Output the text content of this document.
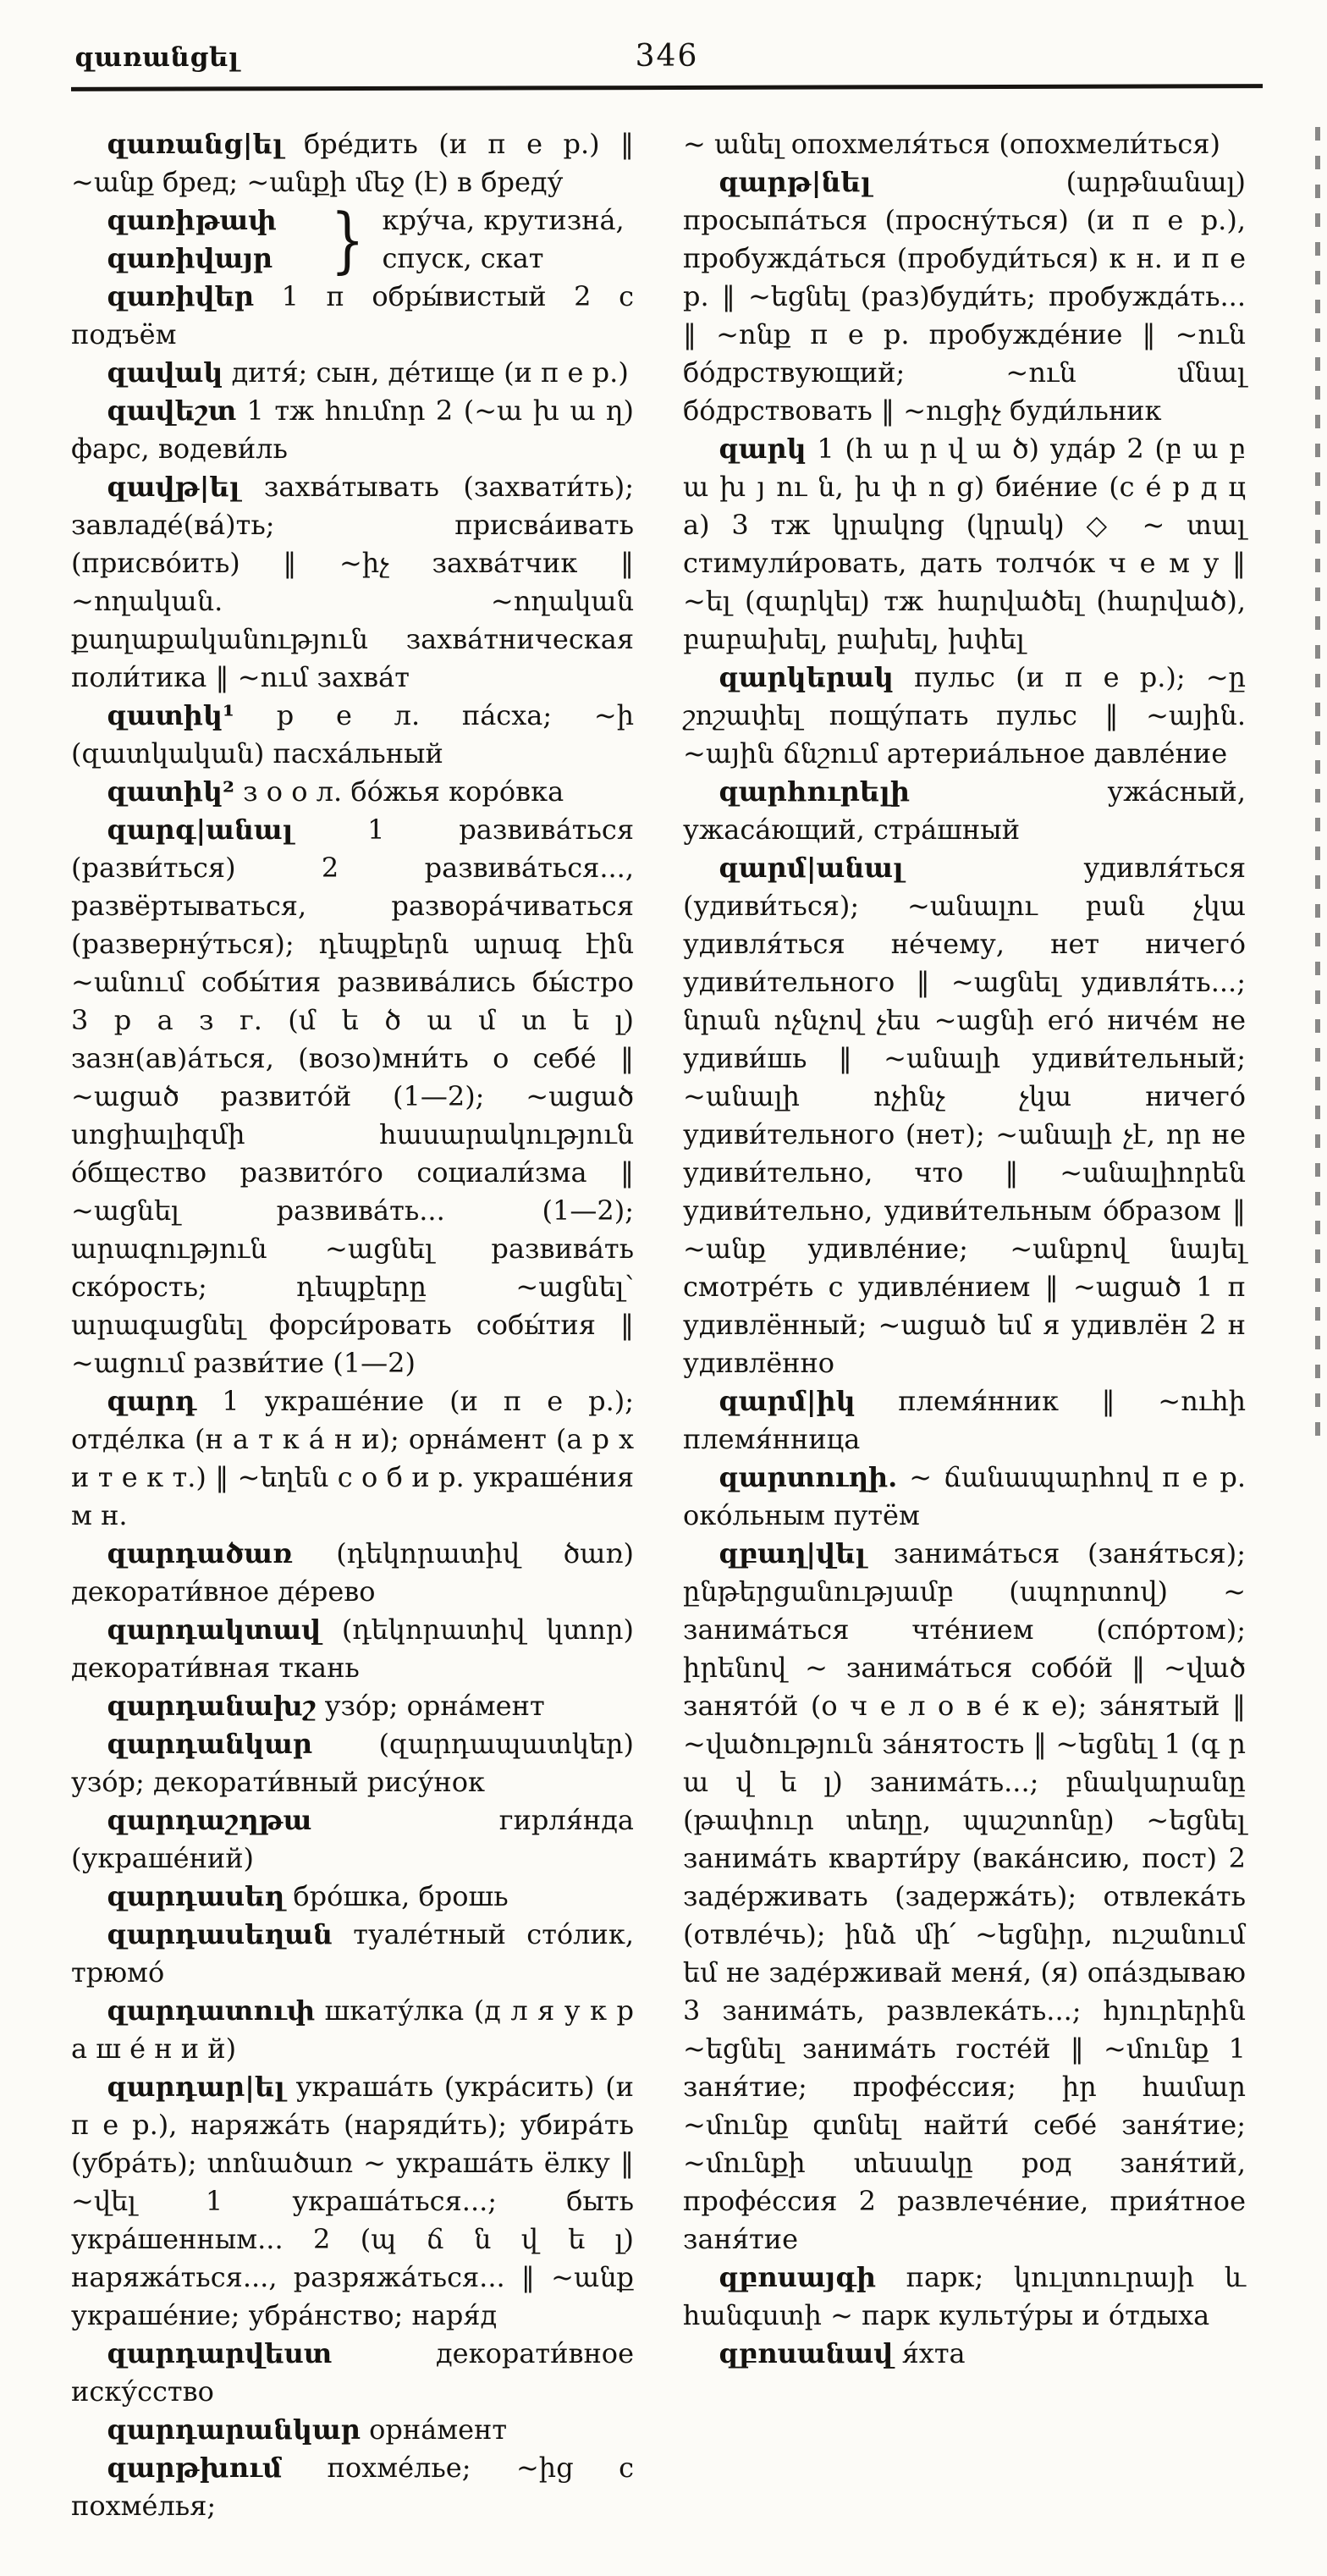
զառանցել	346

զառանց|ել бре́дить (и п е р.) ‖ ~անք бред; ~անքի մեջ (է) в бреду́

զառիթափ
զառիվայր } кру́ча, крутизна́,
спуск, скат

զառիվեր 1 п обры́вистый 2 с подъём

զավակ дитя́; сын, де́тище (и п е р.)

զավեշտ 1 тж հումոր 2 (~ա խ ա ղ) фарс, водеви́ль

զավթ|ել захва́тывать (захвати́ть); завладе́(ва́)ть; присва́ивать (присво́ить) ‖ ~իչ захва́тчик ‖ ~ողական. ~ողական քաղաքականություն захва́тническая поли́тика ‖ ~ում захва́т

զատիկ¹ р е л. па́сха; ~ի (զատկական) пасха́льный

զատիկ² з о о л. бо́жья коро́вка

զարգ|անալ 1 развива́ться (разви́ться) 2 развива́ться..., развёртываться, развора́чиваться (разверну́ться); դեպքերն արագ էին ~անում собы́тия развива́лись бы́стро 3 р а з г. (մ ե ծ ա մ տ ե լ) зазн(ав)а́ться, (возо)мни́ть о себе́ ‖ ~ացած развито́й (1—2); ~ացած սոցիալիզմի հասարակություն о́бщество развито́го социали́зма ‖ ~ացնել развива́ть... (1—2); արագություն ~ացնել развива́ть ско́рость; դեպքերը ~ացնել՝ արագացնել форси́ровать собы́тия ‖ ~ացում разви́тие (1—2)

զարդ 1 украше́ние (и п е р.); отде́лка (н а т к а́ н и); орна́мент (а р х и т е к т.) ‖ ~եղեն с о б и р. украше́ния м н.

զարդածառ (դեկորատիվ ծառ) декорати́вное де́рево

զարդակտավ (դեկորատիվ կտոր) декорати́вная ткань

զարդանախշ узо́р; орна́мент

զարդանկար (զարդապատկեր) узо́р; декорати́вный рису́нок

զարդաշղթա гирля́нда (украше́ний)

զարդասեղ бро́шка, брошь

զարդասեղան туале́тный сто́лик, трюмо́

զարդատուփ шкату́лка (д л я у к р а ш е́ н и й)

զարդար|ել украша́ть (укра́сить) (и п е р.), наряжа́ть (наряди́ть); убира́ть (убра́ть); տոնածառ ~ украша́ть ёлку ‖ ~վել 1 украша́ться...; быть укра́шенным... 2 (պ ճ ն վ ե լ) наряжа́ться..., разряжа́ться... ‖ ~անք украше́ние; убра́нство; наря́д

զարդարվեստ декорати́вное иску́сство

զարդարանկար орна́мент

զարթխում похме́лье; ~ից с похме́лья;

~ անել опохмеля́ться (опохмели́ться)

զարթ|նել (արթնանալ) просыпа́ться (просну́ться) (и п е р.), пробужда́ться (пробуди́ться) к н. и п е р. ‖ ~եցնել (раз)буди́ть; пробужда́ть... ‖ ~ոնք п е р. пробужде́ние ‖ ~ուն бо́дрствующий; ~ուն մնալ бо́дрствовать ‖ ~ուցիչ буди́льник

զարկ 1 (հ ա ր վ ա ծ) уда́р 2 (բ ա բ ա խ յ ու ն, խ փ ո ց) бие́ние (с е́ р д ц а) 3 тж կրակոց (կրակ) ◇ ~ տալ стимули́ровать, дать толчо́к ч е м у ‖ ~ել (զարկել) тж հարվածել (հարված), բաբախել, բախել, խփել

զարկերակ пульс (и п е р.); ~ը շոշափել пощу́пать пульс ‖ ~ային. ~ային ճնշում артериа́льное давле́ние

զարհուրելի ужа́сный, ужаса́ющий, стра́шный

զարմ|անալ удивля́ться (удиви́ться); ~անալու բան չկա удивля́ться не́чему, нет ничего́ удиви́тельного ‖ ~ացնել удивля́ть...; նրան ոչնչով չես ~ացնի его́ ниче́м не удиви́шь ‖ ~անալի удиви́тельный; ~անալի ոչինչ չկա ничего́ удиви́тельного (нет); ~անալի չէ, որ не удиви́тельно, что ‖ ~անալիորեն удиви́тельно, удиви́тельным о́бразом ‖ ~անք удивле́ние; ~անքով նայել смотре́ть с удивле́нием ‖ ~ացած 1 п удивлённый; ~ացած եմ я удивлён 2 н удивлённо

զարմ|իկ племя́нник ‖ ~ուհի племя́нница

զարտուղի. ~ ճանապարհով п е р. око́льным путём

զբաղ|վել занима́ться (заня́ться); ընթերցանությամբ (սպորտով) ~ занима́ться чте́нием (спо́ртом); իրենով ~ занима́ться собо́й ‖ ~ված занято́й (о ч е л о в е́ к е); за́нятый ‖ ~վածություն за́нятость ‖ ~եցնել 1 (գ ր ա վ ե լ) занима́ть...; բնակարանը (թափուր տեղը, պաշտոնը) ~եցնել занима́ть кварти́ру (вака́нсию, пост) 2 заде́рживать (задержа́ть); отвлека́ть (отвле́чь); ինձ մի՛ ~եցնիր, ուշանում եմ не заде́рживай меня́, (я) опа́здываю 3 занима́ть, развлека́ть...; հյուրերին ~եցնել занима́ть госте́й ‖ ~մունք 1 заня́тие; профе́ссия; իր համար ~մունք գտնել найти́ себе́ заня́тие; ~մունքի տեսակը род заня́тий, профе́ссия 2 развлече́ние, прия́тное заня́тие

զբոսայգի парк; կուլտուրայի և հանգստի ~ парк культу́ры и о́тдыха

զբոսանավ я́хта
